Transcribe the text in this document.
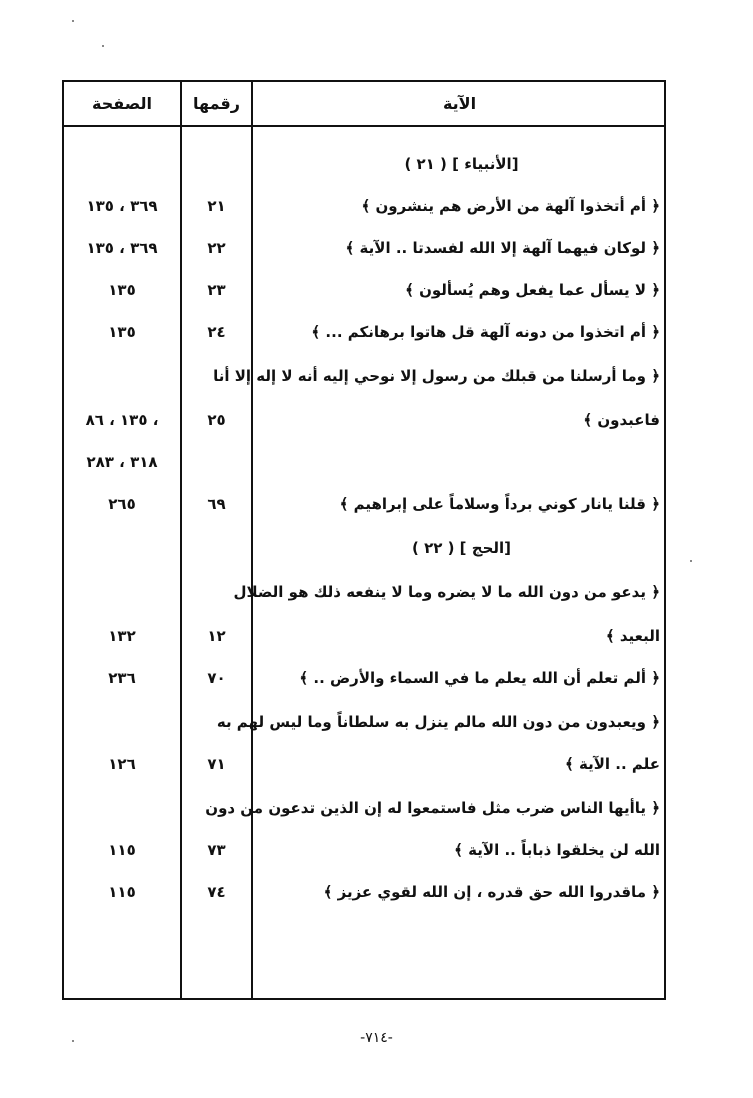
الصفحة	رقمها	الآية
[الأنبياء ] ( ٢١ )
﴿ أم أتخذوا آلهة من الأرض هم ينشرون ﴾
٢١
٣٦٩ ، ١٣٥
﴿ لوكان فيهما آلهة إلا الله لفسدتا .. الآية ﴾
٢٢
٣٦٩ ، ١٣٥
﴿ لا يسأل عما يفعل وهم يُسألون ﴾
٢٣
١٣٥
﴿ أم اتخذوا من دونه آلهة قل هاتوا برهانكم ... ﴾
٢٤
١٣٥
﴿ وما أرسلنا من قبلك من رسول إلا نوحي إليه أنه لا إله إلا أنا
فاعبدون ﴾
٢٥
، ١٣٥ ، ٨٦
٣١٨ ، ٢٨٣
﴿ قلنا يانار كوني برداً وسلاماً على إبراهيم ﴾
٦٩
٢٦٥
[الحج ] ( ٢٢ )
﴿ يدعو من دون الله ما لا يضره وما لا ينفعه ذلك هو الضلال
البعيد ﴾
١٢
١٣٢
﴿ ألم تعلم أن الله يعلم ما في السماء والأرض .. ﴾
٧٠
٢٣٦
﴿ ويعبدون من دون الله مالم ينزل به سلطاناً وما ليس لهم به
علم .. الآية ﴾
٧١
١٢٦
﴿ ياأيها الناس ضرب مثل فاستمعوا له إن الذين تدعون من دون
الله لن يخلقوا ذباباً .. الآية ﴾
٧٣
١١٥
﴿ ماقدروا الله حق قدره ، إن الله لقوي عزيز ﴾
٧٤
١١٥
-٧١٤-
